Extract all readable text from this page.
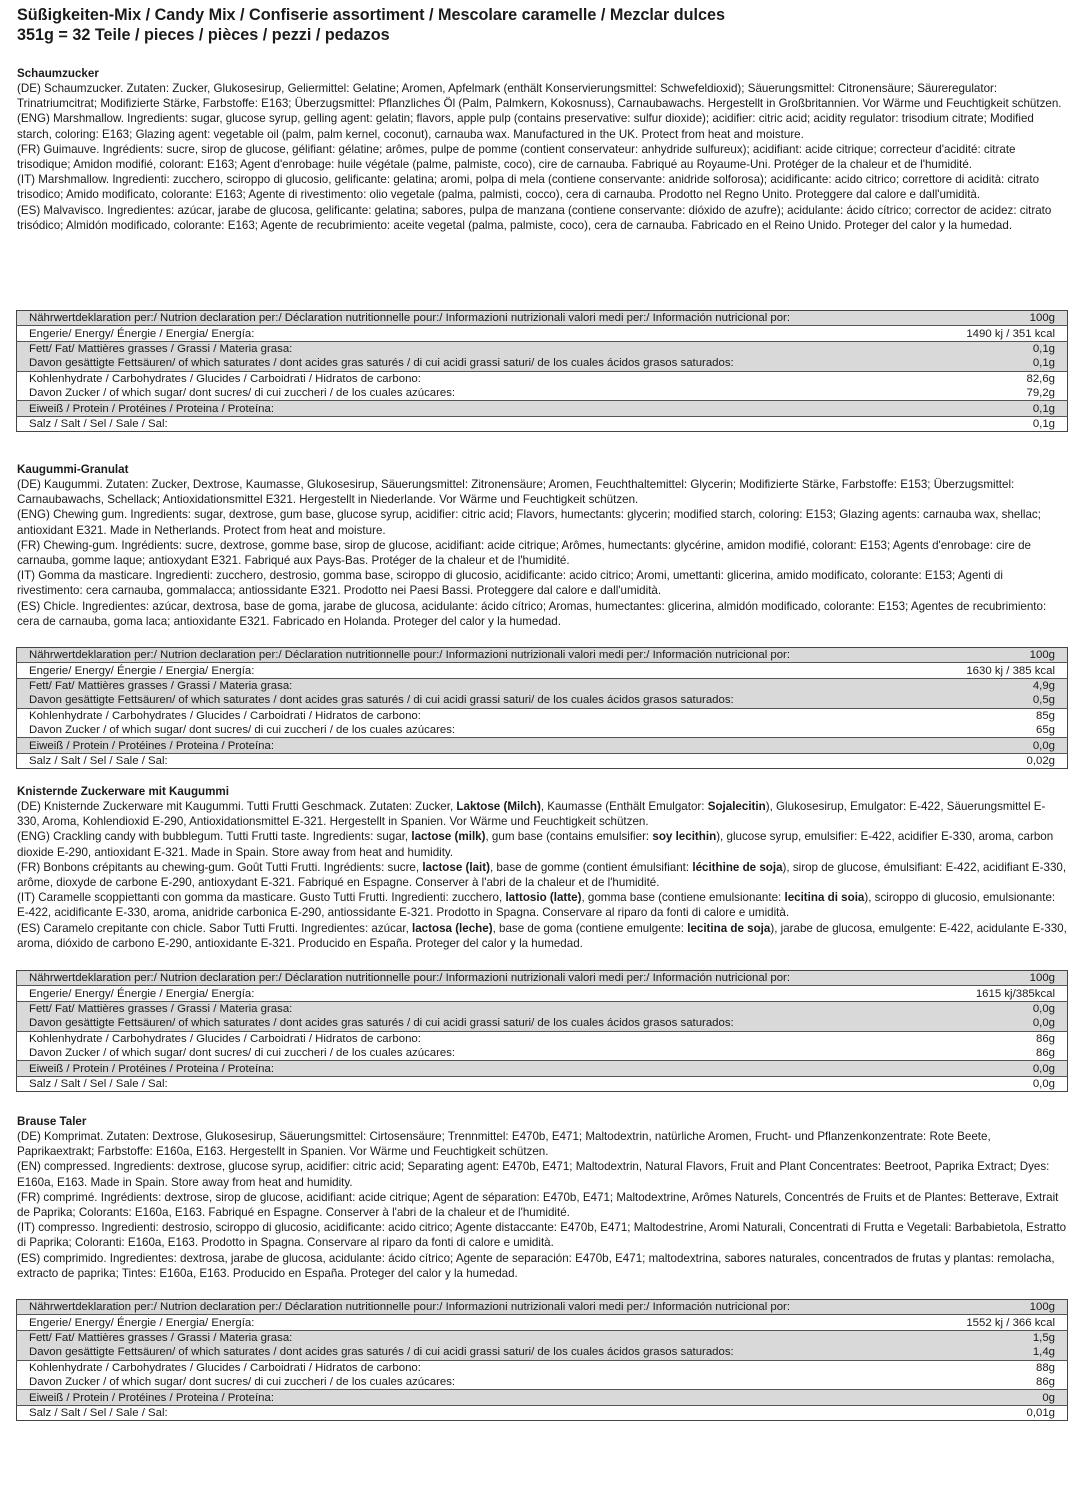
Süßigkeiten-Mix / Candy Mix / Confiserie assortiment / Mescolare caramelle / Mezclar dulces

351g = 32 Teile / pieces / pièces / pezzi / pedazos

Schaumzucker

(DE) Schaumzucker. Zutaten: Zucker, Glukosesirup, Geliermittel: Gelatine; Aromen, Apfelmark (enthält Konservierungsmittel: Schwefeldioxid); Säuerungsmittel: Citronensäure; Säureregulator: Trinatriumcitrat; Modifizierte Stärke, Farbstoffe: E163; Überzugsmittel: Pflanzliches Öl (Palm, Palmkern, Kokosnuss), Carnaubawachs. Hergestellt in Großbritannien. Vor Wärme und Feuchtigkeit schützen.

(ENG) Marshmallow. Ingredients: sugar, glucose syrup, gelling agent: gelatin; flavors, apple pulp (contains preservative: sulfur dioxide); acidifier: citric acid; acidity regulator: trisodium citrate; Modified starch, coloring: E163; Glazing agent: vegetable oil (palm, palm kernel, coconut), carnauba wax. Manufactured in the UK. Protect from heat and moisture.

(FR) Guimauve. Ingrédients: sucre, sirop de glucose, gélifiant: gélatine; arômes, pulpe de pomme (contient conservateur: anhydride sulfureux); acidifiant: acide citrique; correcteur d'acidité: citrate trisodique; Amidon modifié, colorant: E163; Agent d'enrobage: huile végétale (palme, palmiste, coco), cire de carnauba. Fabriqué au Royaume-Uni. Protéger de la chaleur et de l'humidité.

(IT) Marshmallow. Ingredienti: zucchero, sciroppo di glucosio, gelificante: gelatina; aromi, polpa di mela (contiene conservante: anidride solforosa); acidificante: acido citrico; correttore di acidità: citrato trisodico; Amido modificato, colorante: E163; Agente di rivestimento: olio vegetale (palma, palmisti, cocco), cera di carnauba. Prodotto nel Regno Unito. Proteggere dal calore e dall'umidità.

(ES) Malvavisco. Ingredientes: azúcar, jarabe de glucosa, gelificante: gelatina; sabores, pulpa de manzana (contiene conservante: dióxido de azufre); acidulante: ácido cítrico; corrector de acidez: citrato trisódico; Almidón modificado, colorante: E163; Agente de recubrimiento: aceite vegetal (palma, palmiste, coco), cera de carnauba. Fabricado en el Reino Unido. Proteger del calor y la humedad.

Nährwertdeklaration per:/ Nutrion declaration per:/ Déclaration nutritionnelle pour:/ Informazioni nutrizionali valori medi per:/ Información nutricional por:	100g
Engerie/ Energy/ Énergie / Energia/ Energía:	1490 kj / 351 kcal
Fett/ Fat/ Mattières grasses / Grassi / Materia grasa:	0,1g
Davon gesättigte Fettsäuren/ of which saturates / dont acides gras saturés / di cui acidi grassi saturi/ de los cuales ácidos grasos saturados:	0,1g
Kohlenhydrate / Carbohydrates / Glucides / Carboidrati / Hidratos de carbono:	82,6g
Davon Zucker / of which sugar/ dont sucres/ di cui zuccheri / de los cuales azúcares:	79,2g
Eiweiß / Protein / Protéines / Proteina / Proteína:	0,1g
Salz / Salt / Sel / Sale / Sal:	0,1g

Kaugummi-Granulat

(DE) Kaugummi. Zutaten: Zucker, Dextrose, Kaumasse, Glukosesirup, Säuerungsmittel: Zitronensäure; Aromen, Feuchthaltemittel: Glycerin; Modifizierte Stärke, Farbstoffe: E153; Überzugsmittel: Carnaubawachs, Schellack; Antioxidationsmittel E321. Hergestellt in Niederlande. Vor Wärme und Feuchtigkeit schützen.

(ENG) Chewing gum. Ingredients: sugar, dextrose, gum base, glucose syrup, acidifier: citric acid; Flavors, humectants: glycerin; modified starch, coloring: E153; Glazing agents: carnauba wax, shellac; antioxidant E321. Made in Netherlands. Protect from heat and moisture.

(FR) Chewing-gum. Ingrédients: sucre, dextrose, gomme base, sirop de glucose, acidifiant: acide citrique; Arômes, humectants: glycérine, amidon modifié, colorant: E153; Agents d'enrobage: cire de carnauba, gomme laque; antioxydant E321. Fabriqué aux Pays-Bas. Protéger de la chaleur et de l'humidité.

(IT) Gomma da masticare. Ingredienti: zucchero, destrosio, gomma base, sciroppo di glucosio, acidificante: acido citrico; Aromi, umettanti: glicerina, amido modificato, colorante: E153; Agenti di rivestimento: cera carnauba, gommalacca; antiossidante E321. Prodotto nei Paesi Bassi. Proteggere dal calore e dall'umidità.

(ES) Chicle. Ingredientes: azúcar, dextrosa, base de goma, jarabe de glucosa, acidulante: ácido cítrico; Aromas, humectantes: glicerina, almidón modificado, colorante: E153; Agentes de recubrimiento: cera de carnauba, goma laca; antioxidante E321. Fabricado en Holanda. Proteger del calor y la humedad.

Nährwertdeklaration per:/ Nutrion declaration per:/ Déclaration nutritionnelle pour:/ Informazioni nutrizionali valori medi per:/ Información nutricional por:	100g
Engerie/ Energy/ Énergie / Energia/ Energía:	1630 kj / 385 kcal
Fett/ Fat/ Mattières grasses / Grassi / Materia grasa:	4,9g
Davon gesättigte Fettsäuren/ of which saturates / dont acides gras saturés / di cui acidi grassi saturi/ de los cuales ácidos grasos saturados:	0,5g
Kohlenhydrate / Carbohydrates / Glucides / Carboidrati / Hidratos de carbono:	85g
Davon Zucker / of which sugar/ dont sucres/ di cui zuccheri / de los cuales azúcares:	65g
Eiweiß / Protein / Protéines / Proteina / Proteína:	0,0g
Salz / Salt / Sel / Sale / Sal:	0,02g

Knisternde Zuckerware mit Kaugummi

(DE) Knisternde Zuckerware mit Kaugummi. Tutti Frutti Geschmack. Zutaten: Zucker, Laktose (Milch), Kaumasse (Enthält Emulgator: Sojalecitin), Glukosesirup, Emulgator: E-422, Säuerungsmittel E-330, Aroma, Kohlendioxid E-290, Antioxidationsmittel E-321. Hergestellt in Spanien. Vor Wärme und Feuchtigkeit schützen.

(ENG) Crackling candy with bubblegum. Tutti Frutti taste. Ingredients: sugar, lactose (milk), gum base (contains emulsifier: soy lecithin), glucose syrup, emulsifier: E-422, acidifier E-330, aroma, carbon dioxide E-290, antioxidant E-321. Made in Spain. Store away from heat and humidity.

(FR) Bonbons crépitants au chewing-gum. Goût Tutti Frutti. Ingrédients: sucre, lactose (lait), base de gomme (contient émulsifiant: lécithine de soja), sirop de glucose, émulsifiant: E-422, acidifiant E-330, arôme, dioxyde de carbone E-290, antioxydant E-321. Fabriqué en Espagne. Conserver à l'abri de la chaleur et de l'humidité.

(IT) Caramelle scoppiettanti con gomma da masticare. Gusto Tutti Frutti. Ingredienti: zucchero, lattosio (latte), gomma base (contiene emulsionante: lecitina di soia), sciroppo di glucosio, emulsionante: E-422, acidificante E-330, aroma, anidride carbonica E-290, antiossidante E-321. Prodotto in Spagna. Conservare al riparo da fonti di calore e umidità.

(ES) Caramelo crepitante con chicle. Sabor Tutti Frutti. Ingredientes: azúcar, lactosa (leche), base de goma (contiene emulgente: lecitina de soja), jarabe de glucosa, emulgente: E-422, acidulante E-330, aroma, dióxido de carbono E-290, antioxidante E-321. Producido en España. Proteger del calor y la humedad.

Nährwertdeklaration per:/ Nutrion declaration per:/ Déclaration nutritionnelle pour:/ Informazioni nutrizionali valori medi per:/ Información nutricional por:	100g
Engerie/ Energy/ Énergie / Energia/ Energía:	1615 kj/385kcal
Fett/ Fat/ Mattières grasses / Grassi / Materia grasa:	0,0g
Davon gesättigte Fettsäuren/ of which saturates / dont acides gras saturés / di cui acidi grassi saturi/ de los cuales ácidos grasos saturados:	0,0g
Kohlenhydrate / Carbohydrates / Glucides / Carboidrati / Hidratos de carbono:	86g
Davon Zucker / of which sugar/ dont sucres/ di cui zuccheri / de los cuales azúcares:	86g
Eiweiß / Protein / Protéines / Proteina / Proteína:	0,0g
Salz / Salt / Sel / Sale / Sal:	0,0g

Brause Taler

(DE) Komprimat. Zutaten: Dextrose, Glukosesirup, Säuerungsmittel: Cirtosensäure; Trennmittel: E470b, E471; Maltodextrin, natürliche Aromen, Frucht- und Pflanzenkonzentrate: Rote Beete, Paprikaextrakt; Farbstoffe: E160a, E163. Hergestellt in Spanien. Vor Wärme und Feuchtigkeit schützen.

(EN) compressed. Ingredients: dextrose, glucose syrup, acidifier: citric acid; Separating agent: E470b, E471; Maltodextrin, Natural Flavors, Fruit and Plant Concentrates: Beetroot, Paprika Extract; Dyes: E160a, E163. Made in Spain. Store away from heat and humidity.

(FR) comprimé. Ingrédients: dextrose, sirop de glucose, acidifiant: acide citrique; Agent de séparation: E470b, E471; Maltodextrine, Arômes Naturels, Concentrés de Fruits et de Plantes: Betterave, Extrait de Paprika; Colorants: E160a, E163. Fabriqué en Espagne. Conserver à l'abri de la chaleur et de l'humidité.

(IT) compresso. Ingredienti: destrosio, sciroppo di glucosio, acidificante: acido citrico; Agente distaccante: E470b, E471; Maltodestrine, Aromi Naturali, Concentrati di Frutta e Vegetali: Barbabietola, Estratto di Paprika; Coloranti: E160a, E163. Prodotto in Spagna. Conservare al riparo da fonti di calore e umidità.

(ES) comprimido. Ingredientes: dextrosa, jarabe de glucosa, acidulante: ácido cítrico; Agente de separación: E470b, E471; maltodextrina, sabores naturales, concentrados de frutas y plantas: remolacha, extracto de paprika; Tintes: E160a, E163. Producido en España. Proteger del calor y la humedad.

Nährwertdeklaration per:/ Nutrion declaration per:/ Déclaration nutritionnelle pour:/ Informazioni nutrizionali valori medi per:/ Información nutricional por:	100g
Engerie/ Energy/ Énergie / Energia/ Energía:	1552 kj / 366 kcal
Fett/ Fat/ Mattières grasses / Grassi / Materia grasa:	1,5g
Davon gesättigte Fettsäuren/ of which saturates / dont acides gras saturés / di cui acidi grassi saturi/ de los cuales ácidos grasos saturados:	1,4g
Kohlenhydrate / Carbohydrates / Glucides / Carboidrati / Hidratos de carbono:	88g
Davon Zucker / of which sugar/ dont sucres/ di cui zuccheri / de los cuales azúcares:	86g
Eiweiß / Protein / Protéines / Proteina / Proteína:	0g
Salz / Salt / Sel / Sale / Sal:	0,01g
